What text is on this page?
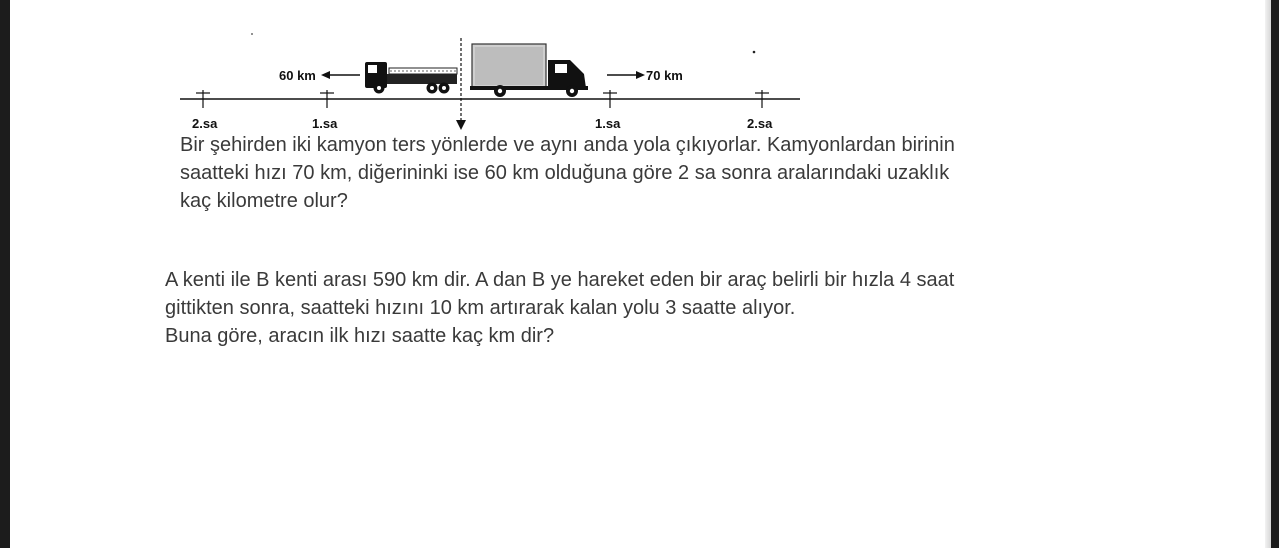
60 km	70 km
2.sa	1.sa	1.sa	2.sa

Bir şehirden iki kamyon ters yönlerde ve aynı anda yola çıkıyorlar. Kamyonlardan birinin
saatteki hızı 70 km, diğerininki ise 60 km olduğuna göre 2 sa sonra aralarındaki uzaklık
kaç kilometre olur?

A kenti ile B kenti arası 590 km dir. A dan B ye hareket eden bir araç belirli bir hızla 4 saat
gittikten sonra, saatteki hızını 10 km artırarak kalan yolu 3 saatte alıyor.
Buna göre, aracın ilk hızı saatte kaç km dir?
